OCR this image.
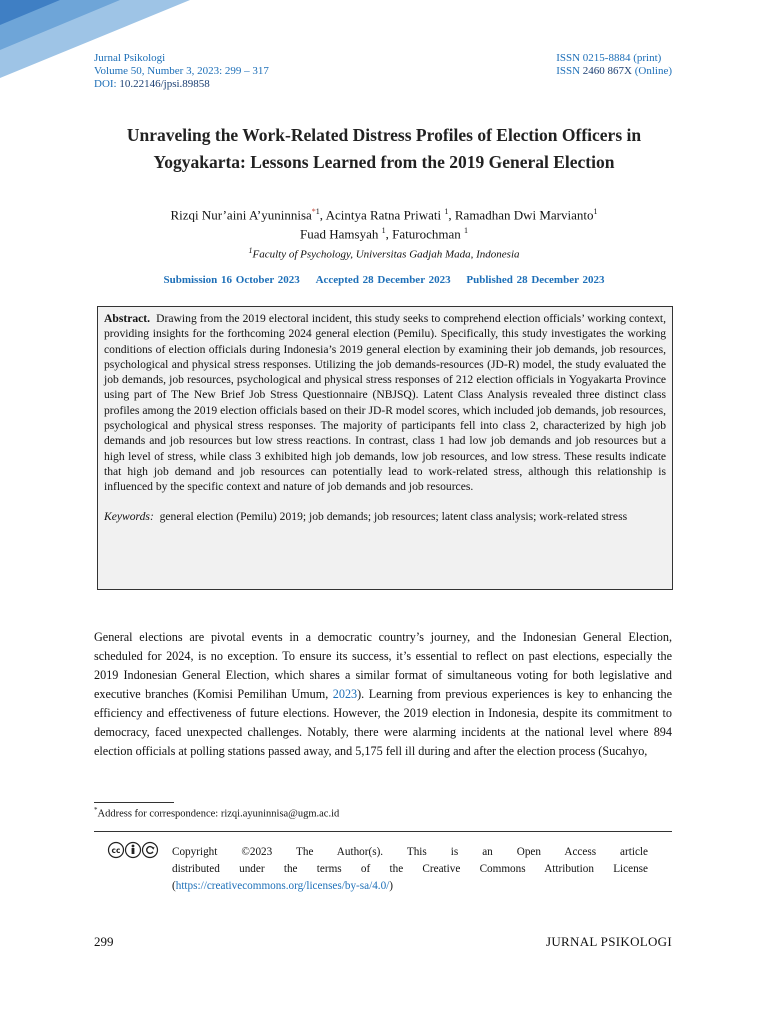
Jurnal Psikologi
Volume 50, Number 3, 2023: 299 – 317
DOI: 10.22146/jpsi.89858
ISSN 0215-8884 (print)
ISSN 2460 867X (Online)
Unraveling the Work-Related Distress Profiles of Election Officers in
Yogyakarta: Lessons Learned from the 2019 General Election
Rizqi Nur’aini A’yuninnisa$^{*1}$, Acintya Ratna Priwati $^1$, Ramadhan Dwi Marvianto$^1$
Fuad Hamsyah $^1$, Faturochman $^1$
$^1$Faculty of Psychology, Universitas Gadjah Mada, Indonesia
Submission 16 October 2023 Accepted 28 December 2023 Published 28 December 2023
Abstract. Drawing from the 2019 electoral incident, this study seeks to comprehend election officials’ working context, providing insights for the forthcoming 2024 general election (Pemilu). Specifically, this study investigates the working conditions of election officials during Indonesia’s 2019 general election by examining their job demands, job resources, psychological and physical stress responses. Utilizing the job demands-resources (JD-R) model, the study evaluated the job demands, job resources, psychological and physical stress responses of 212 election officials in Yogyakarta Province using part of The New Brief Job Stress Questionnaire (NBJSQ). Latent Class Analysis revealed three distinct class profiles among the 2019 election officials based on their JD-R model scores, which included job demands, job resources, psychological and physical stress responses. The majority of participants fell into class 2, characterized by high job demands and job resources but low stress reactions. In contrast, class 1 had low job demands and job resources but a high level of stress, while class 3 exhibited high job demands, low job resources, and low stress. These results indicate that high job demand and job resources can potentially lead to work-related stress, although this relationship is influenced by the specific context and nature of job demands and job resources.
Keywords: general election (Pemilu) 2019; job demands; job resources; latent class analysis; work-related stress
General elections are pivotal events in a democratic country’s journey, and the Indonesian General Election, scheduled for 2024, is no exception. To ensure its success, it’s essential to reflect on past elections, especially the 2019 Indonesian General Election, which shares a similar format of simultaneous voting for both legislative and executive branches (Komisi Pemilihan Umum, 2023). Learning from previous experiences is key to enhancing the efficiency and effectiveness of future elections. However, the 2019 election in Indonesia, despite its commitment to democracy, faced unexpected challenges. Notably, there were alarming incidents at the national level where 894 election officials at polling stations passed away, and 5,175 fell ill during and after the election process (Sucahyo,
*Address for correspondence: rizqi.ayuninnisa@ugm.ac.id
cc	Copyright ©2023 The Author(s). This is an Open Access article
distributed under the terms of the Creative Commons Attribution License
(https://creativecommons.org/licenses/by-sa/4.0/)
299	JURNAL PSIKOLOGI
